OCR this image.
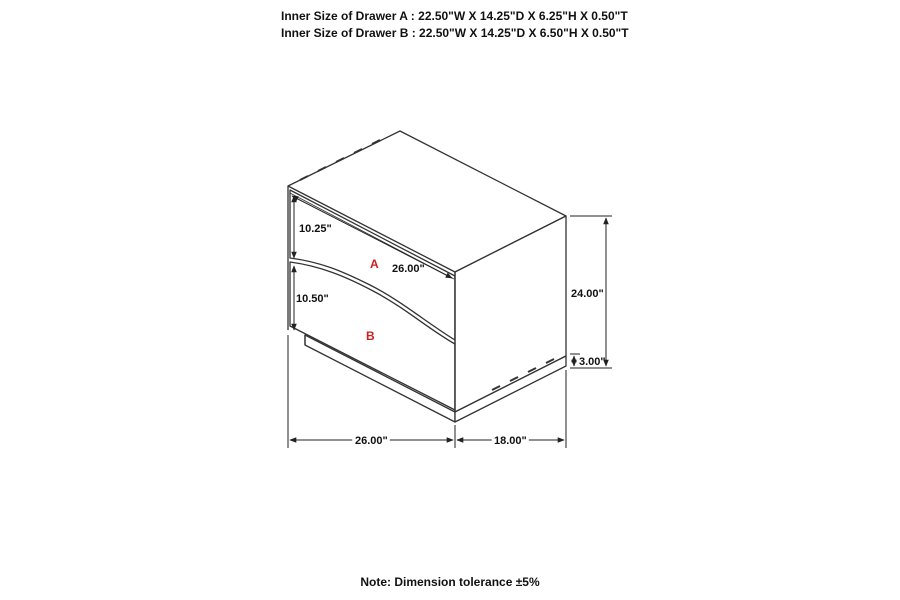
Inner Size of Drawer A : 22.50"W X 14.25"D X 6.25"H X 0.50"T
Inner Size of Drawer B : 22.50"W X 14.25"D X 6.50"H X 0.50"T
10.25"
10.50"
26.00"
24.00"
3.00"
26.00"	18.00"
A
B
Note: Dimension tolerance ±5%
